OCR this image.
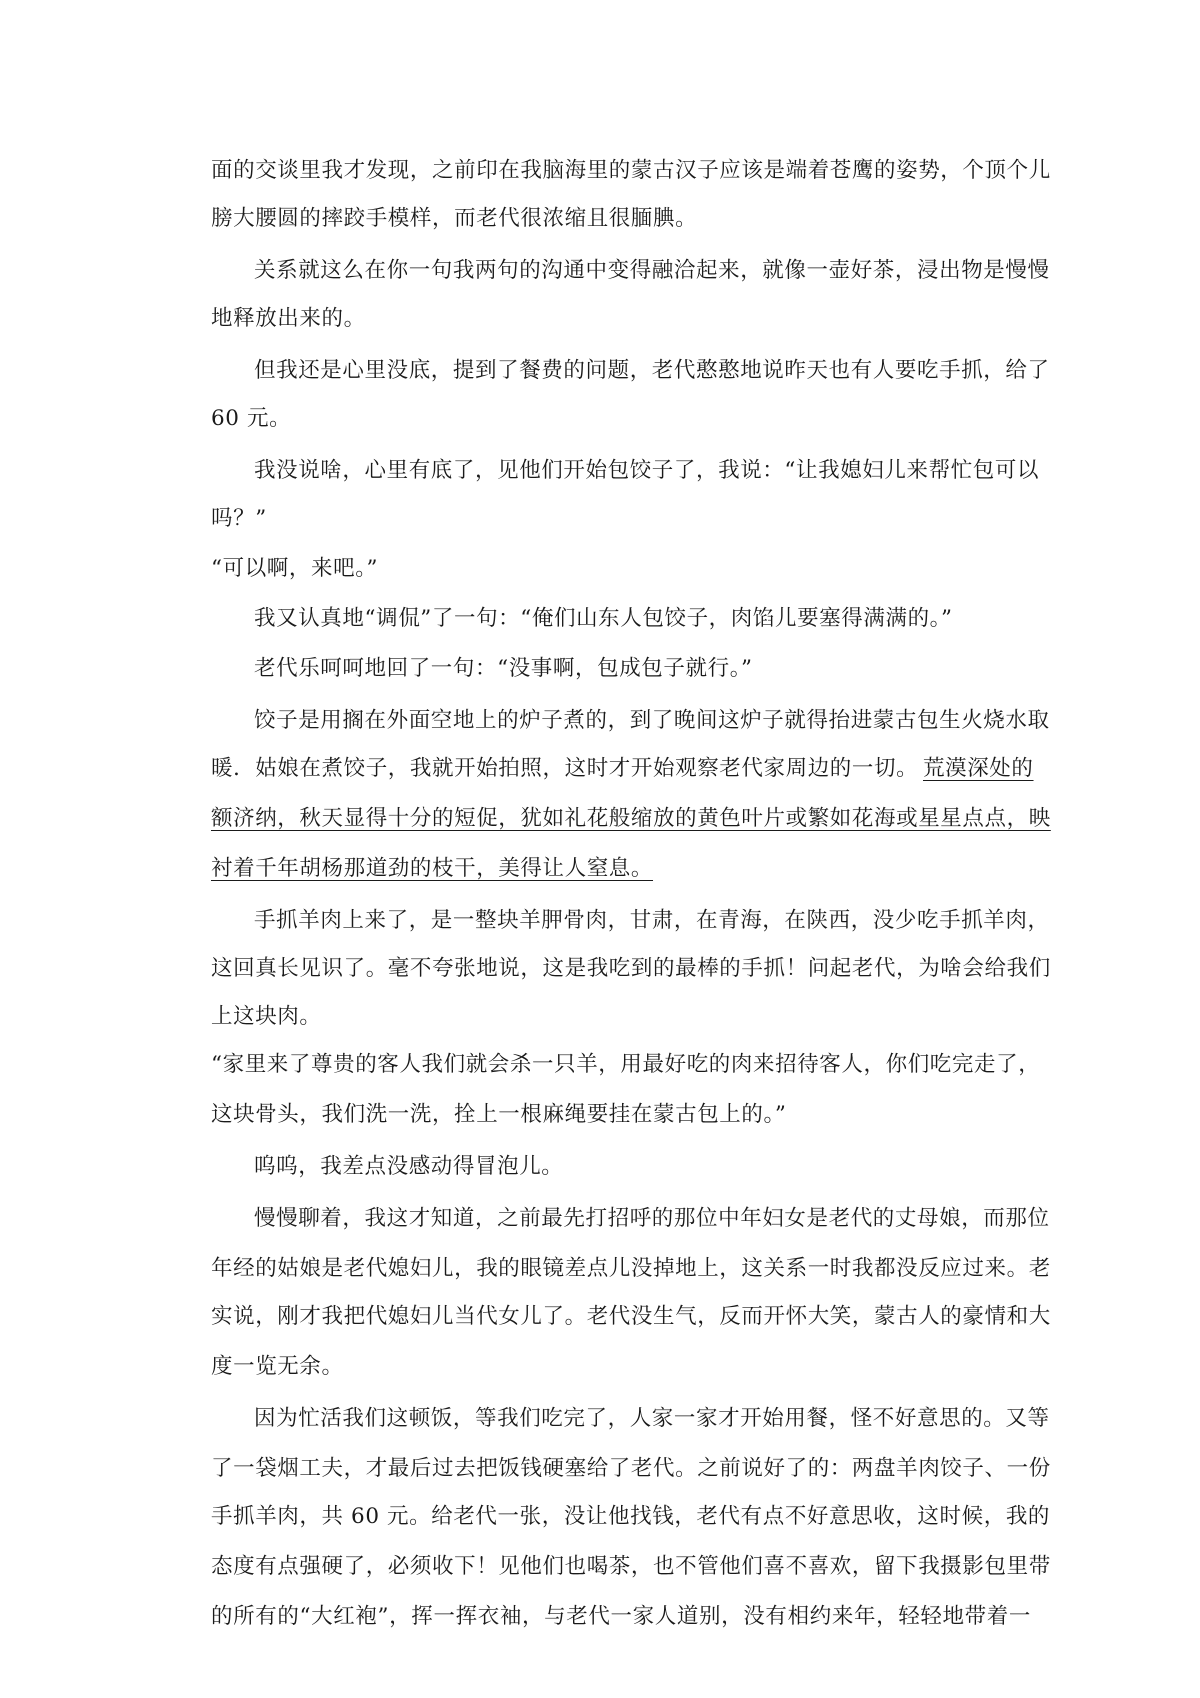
面的交谈里我才发现，之前印在我脑海里的蒙古汉子应该是端着苍鹰的姿势，个顶个儿
膀大腰圆的摔跤手模样，而老代很浓缩且很腼腆。
关系就这么在你一句我两句的沟通中变得融洽起来，就像一壶好茶，浸出物是慢慢
地释放出来的。
但我还是心里没底，提到了餐费的问题，老代憨憨地说昨天也有人要吃手抓，给了
60 元。
我没说啥，心里有底了，见他们开始包饺子了，我说：“让我媳妇儿来帮忙包可以
吗？”
“可以啊，来吧。”
我又认真地“调侃”了一句：“俺们山东人包饺子，肉馅儿要塞得满满的。”
老代乐呵呵地回了一句：“没事啊，包成包子就行。”
饺子是用搁在外面空地上的炉子煮的，到了晚间这炉子就得抬进蒙古包生火烧水取
暖．姑娘在煮饺子，我就开始拍照，这时才开始观察老代家周边的一切。 荒漠深处的
额济纳，秋天显得十分的短促，犹如礼花般缩放的黄色叶片或繁如花海或星星点点，映
衬着千年胡杨那道劲的枝干，美得让人窒息。
手抓羊肉上来了，是一整块羊胛骨肉，甘肃，在青海，在陕西，没少吃手抓羊肉，
这回真长见识了。毫不夸张地说，这是我吃到的最棒的手抓！问起老代，为啥会给我们
上这块肉。
“家里来了尊贵的客人我们就会杀一只羊，用最好吃的肉来招待客人，你们吃完走了，
这块骨头，我们洗一洗，拴上一根麻绳要挂在蒙古包上的。”
呜呜，我差点没感动得冒泡儿。
慢慢聊着，我这才知道，之前最先打招呼的那位中年妇女是老代的丈母娘，而那位
年经的姑娘是老代媳妇儿，我的眼镜差点儿没掉地上，这关系一时我都没反应过来。老
实说，刚才我把代媳妇儿当代女儿了。老代没生气，反而开怀大笑，蒙古人的豪情和大
度一览无余。
因为忙活我们这顿饭，等我们吃完了，人家一家才开始用餐，怪不好意思的。又等
了一袋烟工夫，才最后过去把饭钱硬塞给了老代。之前说好了的：两盘羊肉饺子、一份
手抓羊肉，共 60 元。给老代一张，没让他找钱，老代有点不好意思收，这时候，我的
态度有点强硬了，必须收下！见他们也喝茶，也不管他们喜不喜欢，留下我摄影包里带
的所有的“大红袍”，挥一挥衣袖，与老代一家人道别，没有相约来年，轻轻地带着一
